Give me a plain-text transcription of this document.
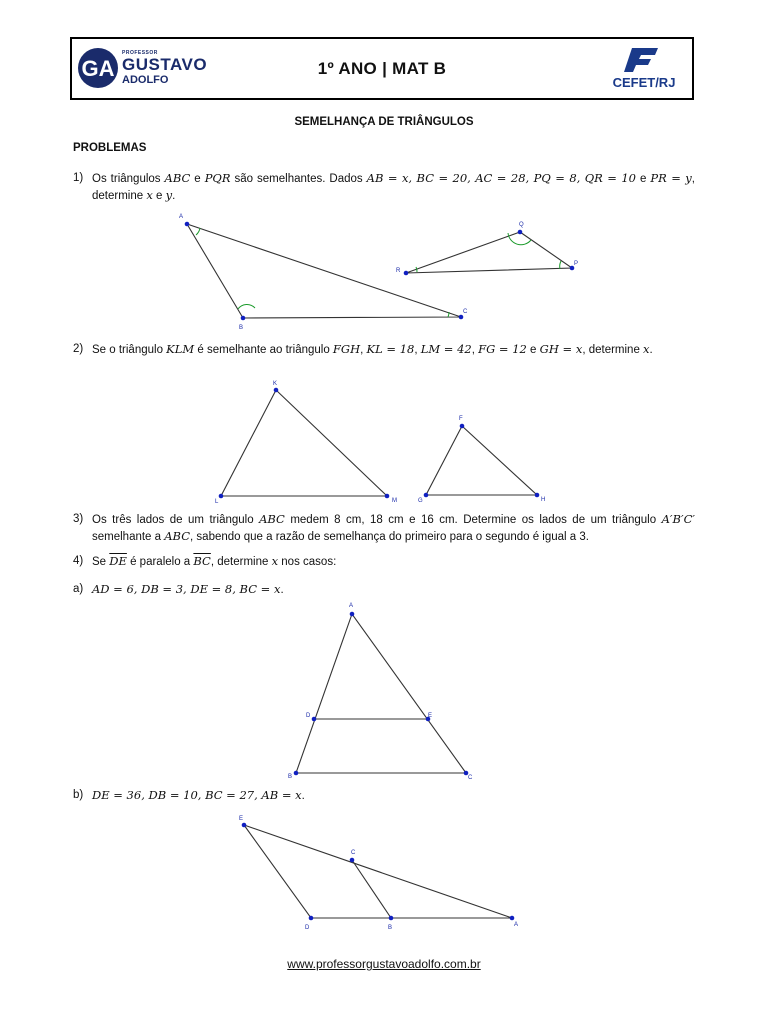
GA
PROFESSOR
GUSTAVO
ADOLFO
1º ANO | MAT B
CEFET/RJ
SEMELHANÇA DE TRIÂNGULOS
PROBLEMAS
1) Os triângulos ABC e PQR são semelhantes. Dados AB = x, BC = 20, AC = 28, PQ = 8, QR = 10 e PR = y, determine x e y.
A
B
C
Q
R
P
2) Se o triângulo KLM é semelhante ao triângulo FGH, KL = 18, LM = 42, FG = 12 e GH = x, determine x.
K
L	M
F
G	H
3) Os três lados de um triângulo ABC medem 8 cm, 18 cm e 16 cm. Determine os lados de um triângulo A′B′C′ semelhante a ABC, sabendo que a razão de semelhança do primeiro para o segundo é igual a 3.
4) Se $\overline{DE}$ é paralelo a $\overline{BC}$, determine x nos casos:
a) AD = 6, DB = 3, DE = 8, BC = x.
A
D	E
B	C
b) DE = 36, DB = 10, BC = 27, AB = x.
E
C
D	B	A
www.professorgustavoadolfo.com.br
